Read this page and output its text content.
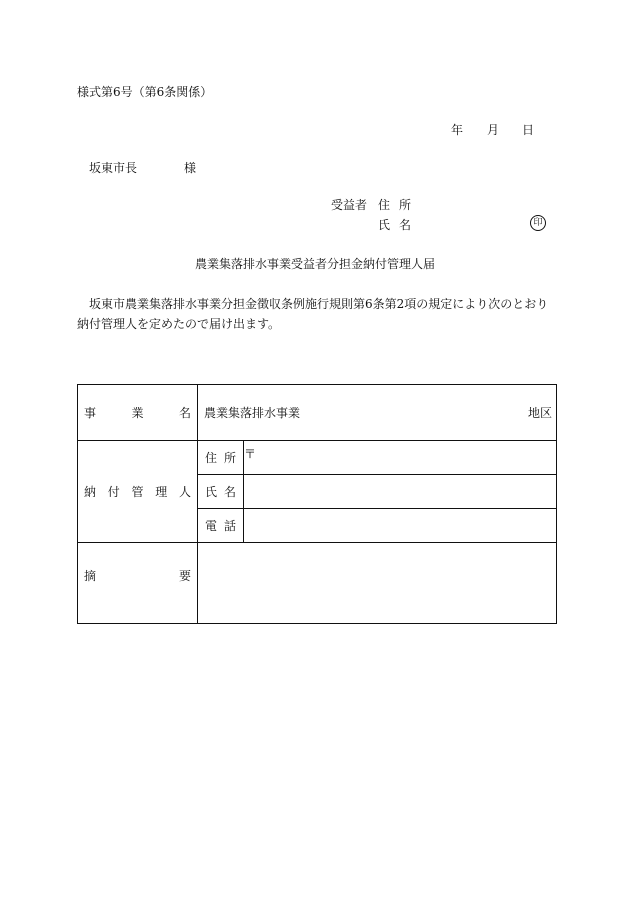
様式第6号（第6条関係）
年 月 日
坂東市長	様
受益者 住所
氏名	印
農業集落排水事業受益者分担金納付管理人届
坂東市農業集落排水事業分担金徴収条例施行規則第6条第2項の規定により次のとおり納付管理人を定めたので届け出ます。
事 業 名	農業集落排水事業 地区	

納 付 管 理 人	住 所	〒

	氏 名	

	電 話	

摘 要		
